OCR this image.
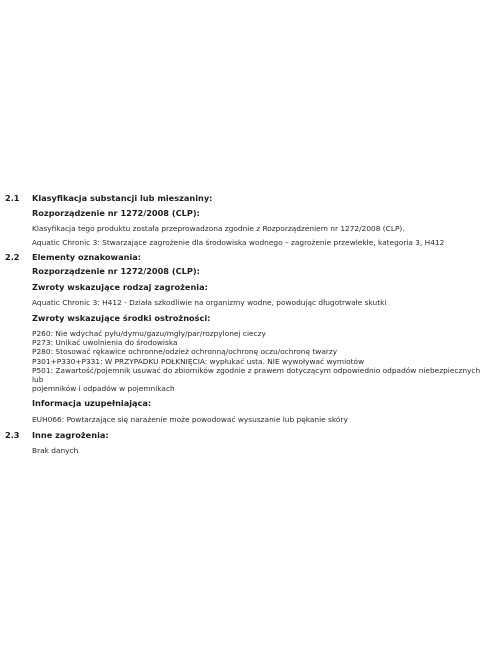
2.1 Klasyfikacja substancji lub mieszaniny:
Rozporządzenie nr 1272/2008 (CLP):
Klasyfikacja tego produktu została przeprowadzona zgodnie z Rozporządzeniem nr 1272/2008 (CLP).
Aquatic Chronic 3: Stwarzające zagrożenie dla środowiska wodnego – zagrożenie przewlekłe, kategoria 3, H412
2.2 Elementy oznakowania:
Rozporządzenie nr 1272/2008 (CLP):
Zwroty wskazujące rodzaj zagrożenia:
Aquatic Chronic 3: H412 - Działa szkodliwie na organizmy wodne, powodując długotrwałe skutki
Zwroty wskazujące środki ostrożności:
P260: Nie wdychać pyłu/dymu/gazu/mgły/par/rozpylonej cieczy
P273: Unikać uwolnienia do środowiska
P280: Stosować rękawice ochronne/odzież ochronną/ochronę oczu/ochronę twarzy
P301+P330+P331: W PRZYPADKU POŁKNIĘCIA: wypłukać usta. NIE wywoływać wymiotów
P501: Zawartość/pojemnik usuwać do zbiorników zgodnie z prawem dotyczącym odpowiednio odpadów niebezpiecznych lub
pojemników i odpadów w pojemnikach
Informacja uzupełniająca:
EUH066: Powtarzające się narażenie może powodować wysuszanie lub pękanie skóry
2.3 Inne zagrożenia:
Brak danych
